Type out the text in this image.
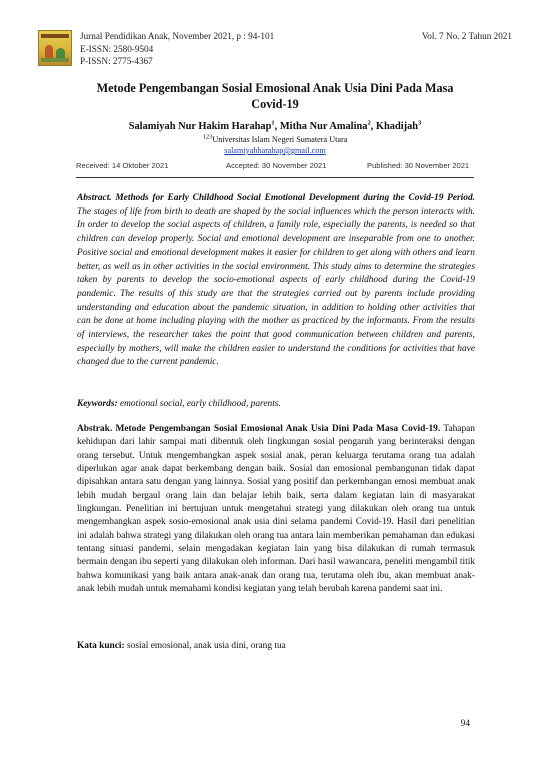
Jurnal Pendidikan Anak, November 2021, p : 94-101
E-ISSN: 2580-9504
P-ISSN: 2775-4367
Vol. 7 No. 2 Tahun 2021
Metode Pengembangan Sosial Emosional Anak Usia Dini Pada Masa
Covid-19
Salamiyah Nur Hakim Harahap$^1$, Mitha Nur Amalina$^2$, Khadijah$^3$
$^{123}$Universitas Islam Negeri Sumatera Utara
salamiyahharahap@gmail.com
Received: 14 Oktober 2021	Accepted: 30 November 2021	Published: 30 November 2021
Abstract. Methods for Early Childhood Social Emotional Development during the Covid-19 Period. The stages of life from birth to death are shaped by the social influences which the person interacts with. In order to develop the social aspects of children, a family role, especially the parents, is needed so that children can develop properly. Social and emotional development are inseparable from one to another. Positive social and emotional development makes it easier for children to get along with others and learn better, as well as in other activities in the social environment. This study aims to determine the strategies taken by parents to develop the socio-emotional aspects of early childhood during the Covid-19 pandemic. The results of this study are that the strategies carried out by parents include providing understanding and education about the pandemic situation, in addition to holding other activities that can be done at home including playing with the mother as practiced by the informants. From the results of interviews, the researcher takes the point that good communication between children and parents, especially by mothers, will make the children easier to understand the conditions for activities that have changed due to the current pandemic.
Keywords: emotional social, early childhood, parents.
Abstrak. Metode Pengembangan Sosial Emosional Anak Usia Dini Pada Masa Covid-19. Tahapan kehidupan dari lahir sampai mati dibentuk oleh lingkungan sosial pengaruh yang berinteraksi dengan orang tersebut. Untuk mengembangkan aspek sosial anak, peran keluarga terutama orang tua adalah diperlukan agar anak dapat berkembang dengan baik. Sosial dan emosional pembangunan tidak dapat dipisahkan antara satu dengan yang lainnya. Sosial yang positif dan perkembangan emosi membuat anak lebih mudah bergaul orang lain dan belajar lebih baik, serta dalam kegiatan lain di masyarakat lingkungan. Penelitian ini bertujuan untuk mengetahui strategi yang dilakukan oleh orang tua untuk mengembangkan aspek sosio-emosional anak usia dini selama pandemi Covid-19. Hasil dari penelitian ini adalah bahwa strategi yang dilakukan oleh orang tua antara lain memberikan pemahaman dan edukasi tentang situasi pandemi, selain mengadakan kegiatan lain yang bisa dilakukan di rumah termasuk bermain dengan ibu seperti yang dilakukan oleh informan. Dari hasil wawancara, peneliti mengambil titik bahwa komunikasi yang baik antara anak-anak dan orang tua, terutama oleh ibu, akan membuat anak-anak lebih mudah untuk memahami kondisi kegiatan yang telah berubah karena pandemi saat ini.
Kata kunci: sosial emosional, anak usia dini, orang tua
94
